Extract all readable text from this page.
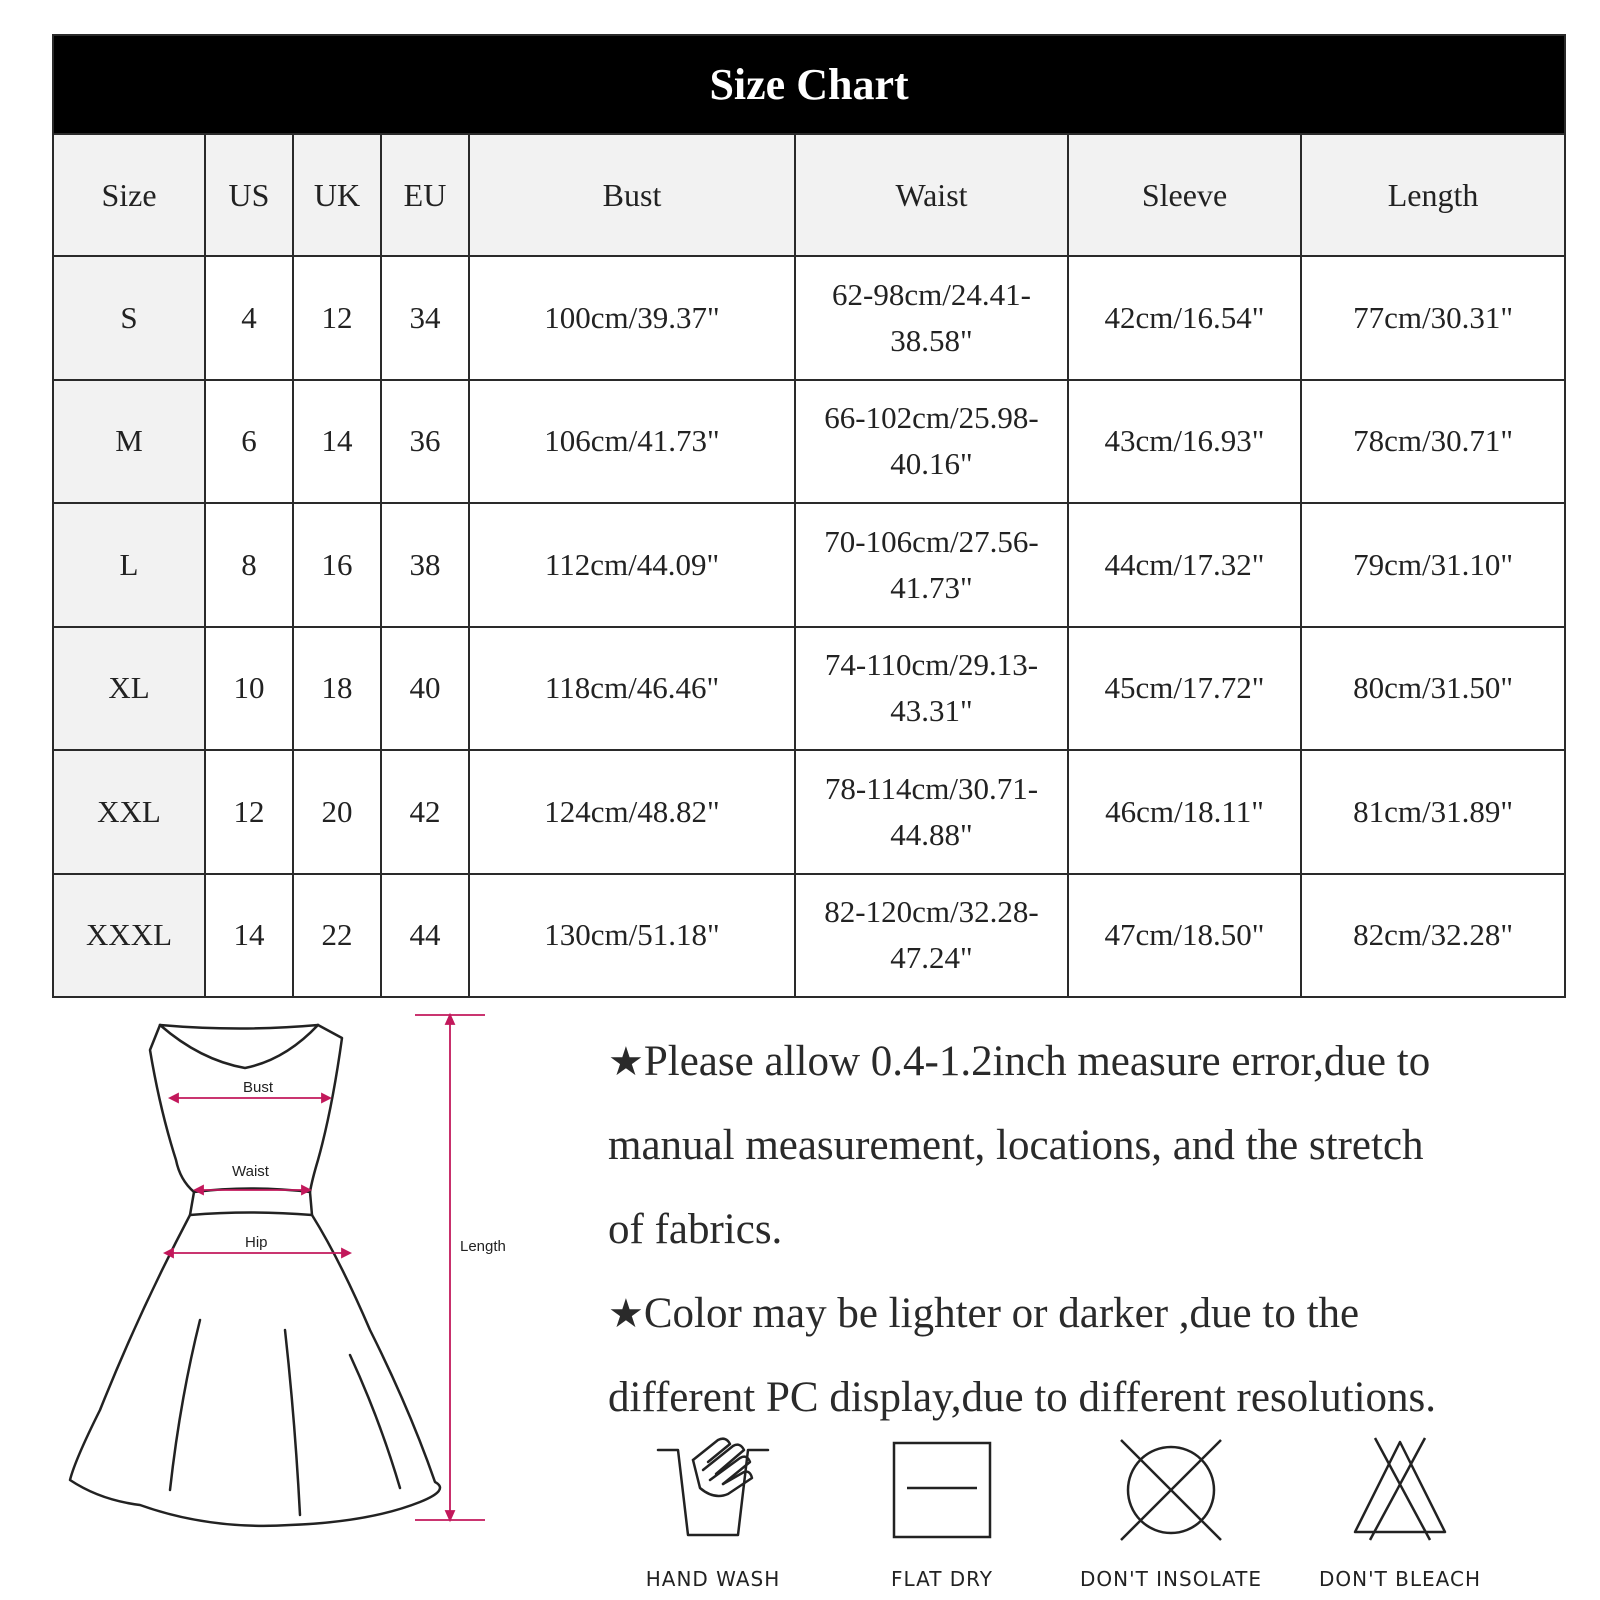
Size Chart							
Size	US	UK	EU	Bust	Waist	Sleeve	Length
S	4	12	34	100cm/39.37"	62-98cm/24.41-38.58"	42cm/16.54"	77cm/30.31"
M	6	14	36	106cm/41.73"	66-102cm/25.98-40.16"	43cm/16.93"	78cm/30.71"
L	8	16	38	112cm/44.09"	70-106cm/27.56-41.73"	44cm/17.32"	79cm/31.10"
XL	10	18	40	118cm/46.46"	74-110cm/29.13-43.31"	45cm/17.72"	80cm/31.50"
XXL	12	20	42	124cm/48.82"	78-114cm/30.71-44.88"	46cm/18.11"	81cm/31.89"
XXXL	14	22	44	130cm/51.18"	82-120cm/32.28-47.24"	47cm/18.50"	82cm/32.28"
Bust
Waist
Hip	Length
★Please allow 0.4-1.2inch measure error,due to
manual measurement, locations, and the stretch
of fabrics.
★Color may be lighter or darker ,due to the
different PC display,due to different resolutions.
HAND WASH	FLAT DRY	DON'T INSOLATE	DON'T BLEACH
